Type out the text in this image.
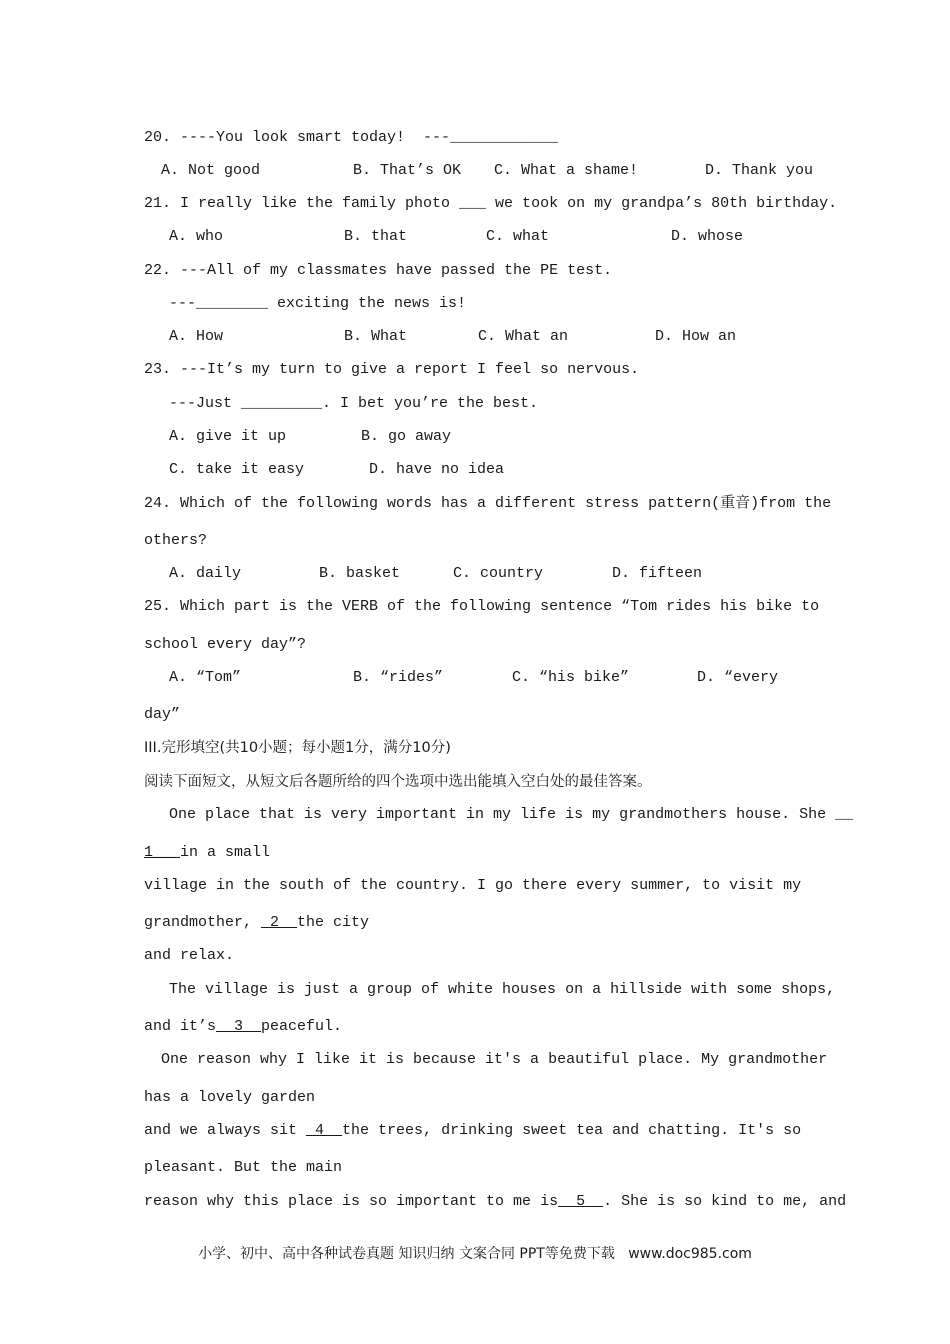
20. ----You look smart today!  ---____________
A. Not good	B. That’s OK C. What a shame!	D. Thank you
21. I really like the family photo ___ we took on my grandpa’s 80th birthday.
A. who	B. that	C. what	D. whose
22. ---All of my classmates have passed the PE test.
---________ exciting the news is!
A. How	B. What	C. What an	D. How an
23. ---It’s my turn to give a report I feel so nervous.
---Just _________. I bet you’re the best.
A. give it up	B. go away
C. take it easy	D. have no idea
24. Which of the following words has a different stress pattern(重音)from the
others?
A. daily	B. basket	C. country	D. fifteen
25. Which part is the VERB of the following sentence “Tom rides his bike to
school every day”?
A. “Tom”	B. “rides”	C. “his bike”	D. “every
day”
III.完形填空(共10小题；每小题1分，满分10分)
阅读下面短文，从短文后各题所给的四个选项中选出能填入空白处的最佳答案。
One place that is very important in my life is my grandmothers house. She __
1___in a small
village in the south of the country. I go there every summer, to visit my
grandmother,  2  the city
and relax.
The village is just a group of white houses on a hillside with some shops,
and it’s  3  peaceful.
One reason why I like it is because it's a beautiful place. My grandmother
has a lovely garden
and we always sit  4  the trees, drinking sweet tea and chatting. It's so
pleasant. But the main
reason why this place is so important to me is  5  . She is so kind to me, and
小学、初中、高中各种试卷真题 知识归纳 文案合同 PPT等免费下载   www.doc985.com
